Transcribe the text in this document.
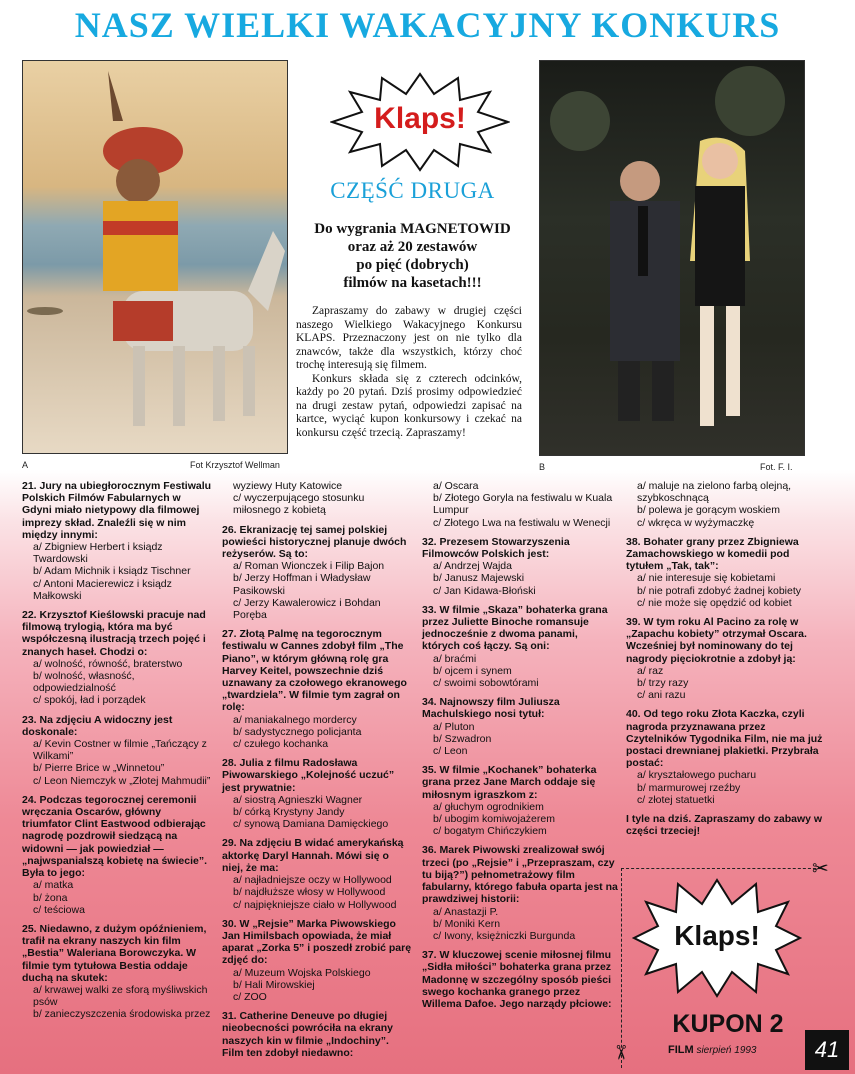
NASZ WIELKI WAKACYJNY KONKURS
A	Fot Krzysztof Wellman	B	Fot. F. I.
Klaps!
CZĘŚĆ DRUGA
Do wygrania MAGNETOWID
oraz aż 20 zestawów
po pięć (dobrych)
filmów na kasetach!!!

Zapraszamy do zabawy w drugiej części naszego Wielkiego Wakacyjnego Konkursu KLAPS. Przeznaczony jest on nie tylko dla znawców, także dla wszystkich, którzy choć trochę interesują się filmem.

Konkurs składa się z czterech odcinków, każdy po 20 pytań. Dziś prosimy odpowiedzieć na drugi zestaw pytań, odpowiedzi zapisać na kartce, wyciąć kupon konkursowy i czekać na konkursu część trzecią. Zapraszamy!

21. Jury na ubiegłorocznym Festiwalu Polskich Filmów Fabularnych w Gdyni miało nietypowy dla filmowej imprezy skład. Znaleźli się w nim między innymi:
a/ Zbigniew Herbert i ksiądz Twardowski
b/ Adam Michnik i ksiądz Tischner
c/ Antoni Macierewicz i ksiądz Małkowski
22. Krzysztof Kieślowski pracuje nad filmową trylogią, która ma być współczesną ilustracją trzech pojęć i znanych haseł. Chodzi o:
a/ wolność, równość, braterstwo
b/ wolność, własność, odpowiedzialność
c/ spokój, ład i porządek
23. Na zdjęciu A widoczny jest doskonale:
a/ Kevin Costner w filmie „Tańczący z Wilkami”
b/ Pierre Brice w „Winnetou”
c/ Leon Niemczyk w „Złotej Mahmudii”
24. Podczas tegorocznej ceremonii wręczania Oscarów, główny triumfator Clint Eastwood odbierając nagrodę pozdrowił siedzącą na widowni — jak powiedział — „najwspanialszą kobietę na świecie”. Była to jego:
a/ matka
b/ żona
c/ teściowa
25. Niedawno, z dużym opóźnieniem, trafił na ekrany naszych kin film „Bestia” Waleriana Borowczyka. W filmie tym tytułowa Bestia oddaje duchą na skutek:
a/ krwawej walki ze sforą myśliwskich psów
b/ zanieczyszczenia środowiska przez
wyziewy Huty Katowice
c/ wyczerpującego stosunku miłosnego z kobietą
26. Ekranizację tej samej polskiej powieści historycznej planuje dwóch reżyserów. Są to:
a/ Roman Wionczek i Filip Bajon
b/ Jerzy Hoffman i Władysław Pasikowski
c/ Jerzy Kawalerowicz i Bohdan Poręba
27. Złotą Palmę na tegorocznym festiwalu w Cannes zdobył film „The Piano”, w którym główną rolę gra Harvey Keitel, powszechnie dziś uznawany za czołowego ekranowego „twardziela”. W filmie tym zagrał on rolę:
a/ maniakalnego mordercy
b/ sadystycznego policjanta
c/ czułego kochanka
28. Julia z filmu Radosława Piwowarskiego „Kolejność uczuć” jest prywatnie:
a/ siostrą Agnieszki Wagner
b/ córką Krystyny Jandy
c/ synową Damiana Damięckiego
29. Na zdjęciu B widać amerykańską aktorkę Daryl Hannah. Mówi się o niej, że ma:
a/ najładniejsze oczy w Hollywood
b/ najdłuższe włosy w Hollywood
c/ najpiękniejsze ciało w Hollywood
30. W „Rejsie” Marka Piwowskiego Jan Himilsbach opowiada, że miał aparat „Zorka 5” i poszedł zrobić parę zdjęć do:
a/ Muzeum Wojska Polskiego
b/ Hali Mirowskiej
c/ ZOO
31. Catherine Deneuve po długiej nieobecności powróciła na ekrany naszych kin w filmie „Indochiny”. Film ten zdobył niedawno:
a/ Oscara
b/ Złotego Goryla na festiwalu w Kuala Lumpur
c/ Złotego Lwa na festiwalu w Wenecji
32. Prezesem Stowarzyszenia Filmowców Polskich jest:
a/ Andrzej Wajda
b/ Janusz Majewski
c/ Jan Kidawa-Błoński
33. W filmie „Skaza” bohaterka grana przez Juliette Binoche romansuje jednocześnie z dwoma panami, których coś łączy. Są oni:
a/ braćmi
b/ ojcem i synem
c/ swoimi sobowtórami
34. Najnowszy film Juliusza Machulskiego nosi tytuł:
a/ Pluton
b/ Szwadron
c/ Leon
35. W filmie „Kochanek” bohaterka grana przez Jane March oddaje się miłosnym igraszkom z:
a/ głuchym ogrodnikiem
b/ ubogim komiwojażerem
c/ bogatym Chińczykiem
36. Marek Piwowski zrealizował swój trzeci (po „Rejsie” i „Przepraszam, czy tu biją?”) pełnometrażowy film fabularny, którego fabuła oparta jest na prawdziwej historii:
a/ Anastazji P.
b/ Moniki Kern
c/ Iwony, księżniczki Burgunda
37. W kluczowej scenie miłosnej filmu „Sidła miłości” bohaterka grana przez Madonnę w szczególny sposób pieści swego kochanka granego przez Willema Dafoe. Jego narządy płciowe:
a/ maluje na zielono farbą olejną, szybkoschnącą
b/ polewa je gorącym woskiem
c/ wkręca w wyżymaczkę
38. Bohater grany przez Zbigniewa Zamachowskiego w komedii pod tytułem „Tak, tak”:
a/ nie interesuje się kobietami
b/ nie potrafi zdobyć żadnej kobiety
c/ nie może się opędzić od kobiet
39. W tym roku Al Pacino za rolę w „Zapachu kobiety” otrzymał Oscara. Wcześniej był nominowany do tej nagrody pięciokrotnie a zdobył ją:
a/ raz
b/ trzy razy
c/ ani razu
40. Od tego roku Złota Kaczka, czyli nagroda przyznawana przez Czytelników Tygodnika Film, nie ma już postaci drewnianej plakietki. Przybrała postać:
a/ kryształowego pucharu
b/ marmurowej rzeźby
c/ złotej statuetki
I tyle na dziś. Zapraszamy do zabawy w części trzeciej!
✂
✂
Klaps!
KUPON 2
FILM sierpień 1993	41
